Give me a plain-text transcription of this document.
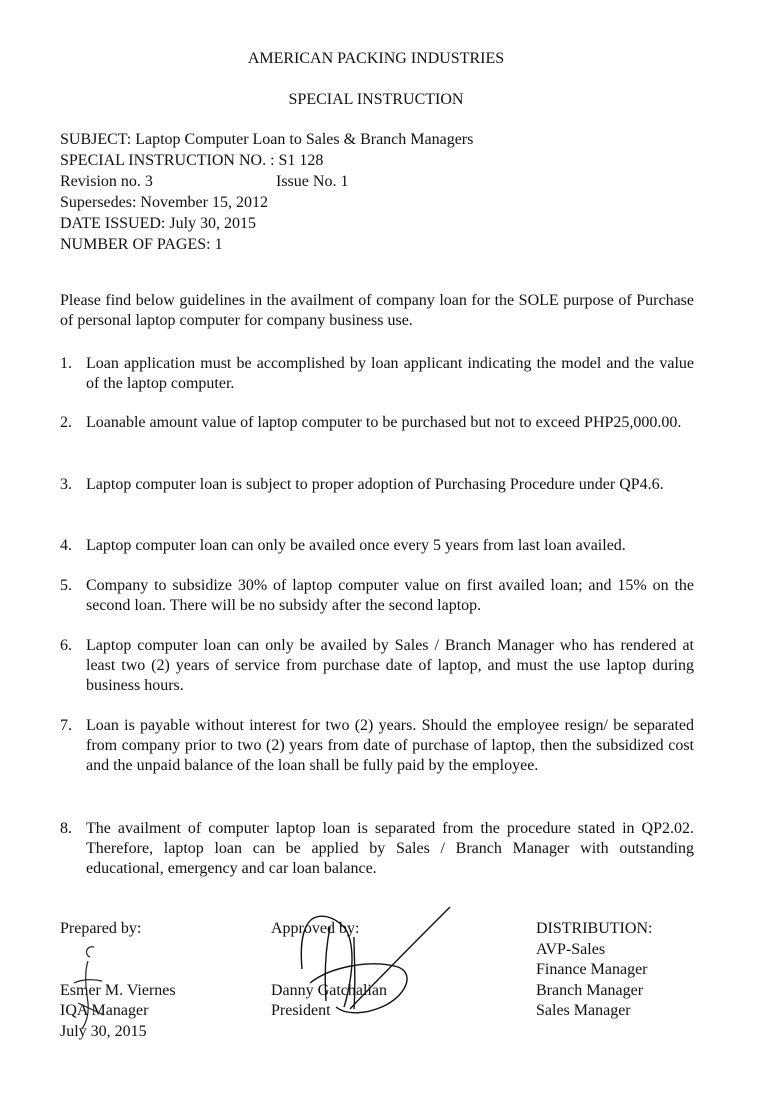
AMERICAN PACKING INDUSTRIES
SPECIAL INSTRUCTION
SUBJECT: Laptop Computer Loan to Sales & Branch Managers
SPECIAL INSTRUCTION NO. : S1 128
Revision no. 3	Issue No. 1
Supersedes: November 15, 2012
DATE ISSUED: July 30, 2015
NUMBER OF PAGES: 1
Please find below guidelines in the availment of company loan for the SOLE purpose of Purchase of personal laptop computer for company business use.
1. Loan application must be accomplished by loan applicant indicating the model and the value of the laptop computer.
2. Loanable amount value of laptop computer to be purchased but not to exceed PHP25,000.00.
3. Laptop computer loan is subject to proper adoption of Purchasing Procedure under QP4.6.
4. Laptop computer loan can only be availed once every 5 years from last loan availed.
5. Company to subsidize 30% of laptop computer value on first availed loan; and 15% on the second loan. There will be no subsidy after the second laptop.
6. Laptop computer loan can only be availed by Sales / Branch Manager who has rendered at least two (2) years of service from purchase date of laptop, and must the use laptop during business hours.
7. Loan is payable without interest for two (2) years. Should the employee resign/ be separated from company prior to two (2) years from date of purchase of laptop, then the subsidized cost and the unpaid balance of the loan shall be fully paid by the employee.
8. The availment of computer laptop loan is separated from the procedure stated in QP2.02. Therefore, laptop loan can be applied by Sales / Branch Manager with outstanding educational, emergency and car loan balance.
Prepared by:
Esmer M. Viernes
IQA Manager
July 30, 2015
Approved by:
Danny Gatchalian
President
DISTRIBUTION:
AVP-Sales
Finance Manager
Branch Manager
Sales Manager
